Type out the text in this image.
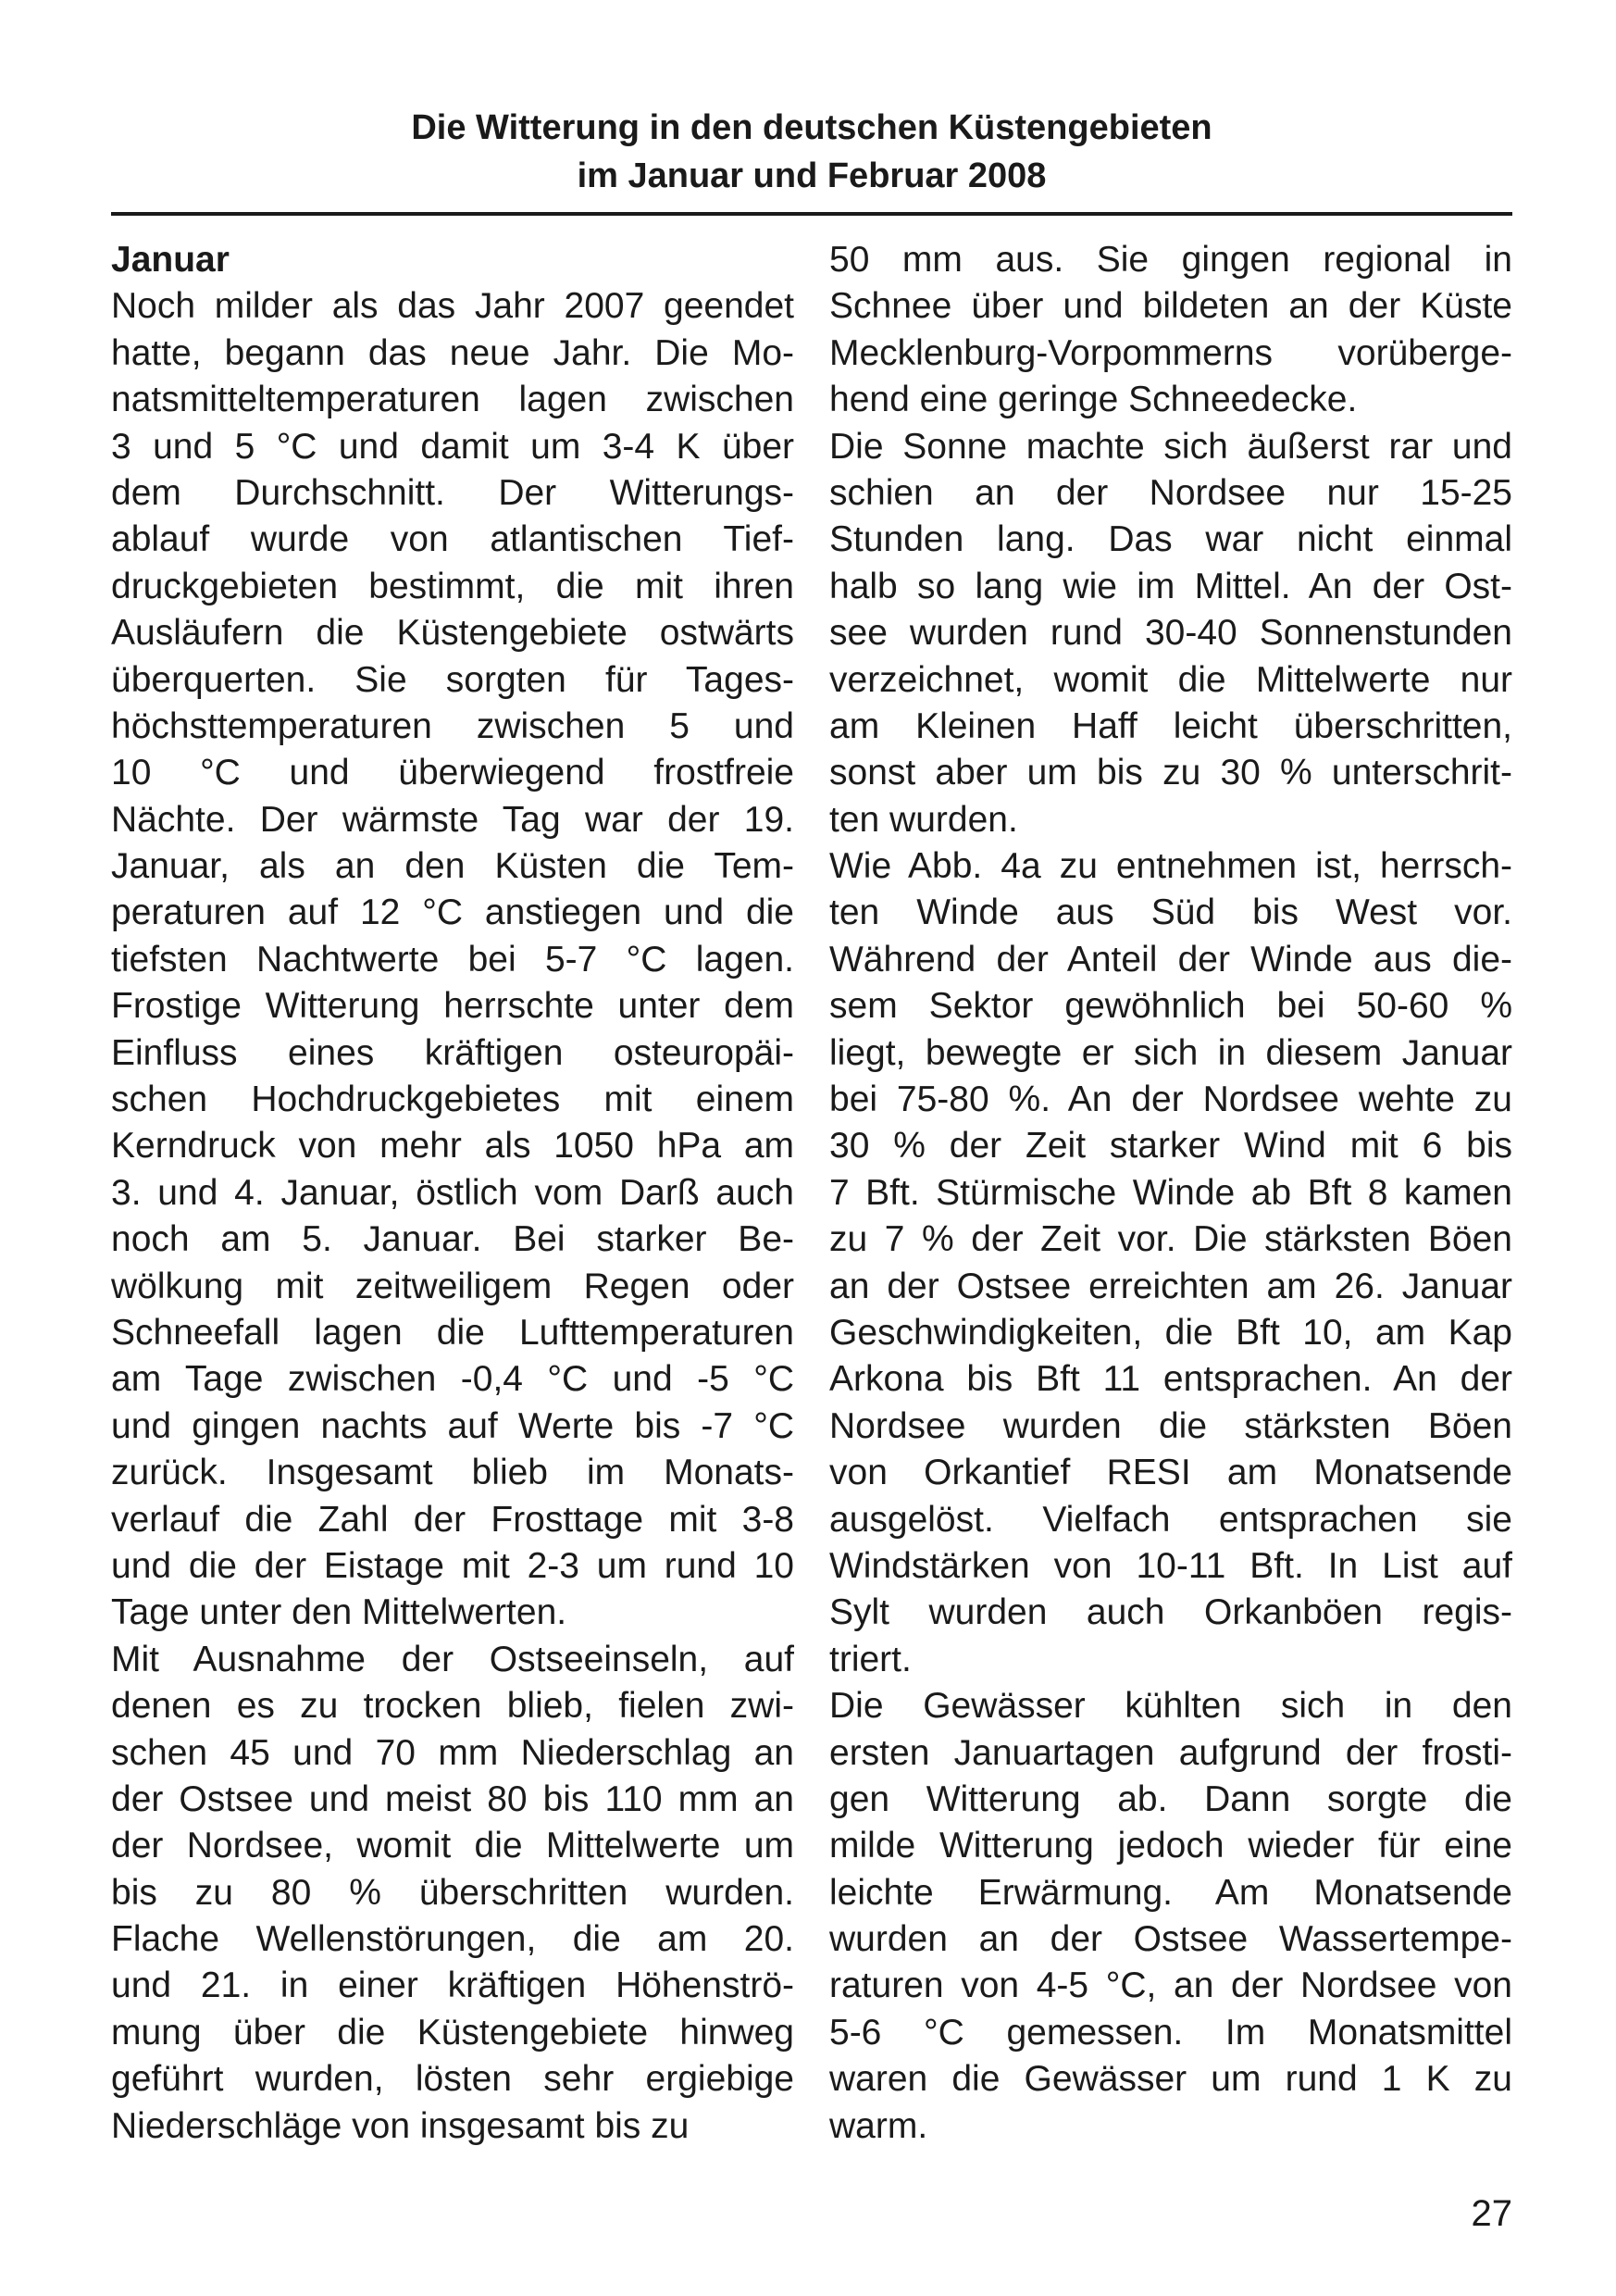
Die Witterung in den deutschen Küstengebieten
im Januar und Februar 2008
Januar
Noch milder als das Jahr 2007 geendet
hatte, begann das neue Jahr. Die Mo-
natsmitteltemperaturen lagen zwischen
3 und 5 °C und damit um 3-4 K über
dem Durchschnitt. Der Witterungs-
ablauf wurde von atlantischen Tief-
druckgebieten bestimmt, die mit ihren
Ausläufern die Küstengebiete ostwärts
überquerten. Sie sorgten für Tages-
höchsttemperaturen zwischen 5 und
10 °C und überwiegend frostfreie
Nächte. Der wärmste Tag war der 19.
Januar, als an den Küsten die Tem-
peraturen auf 12 °C anstiegen und die
tiefsten Nachtwerte bei 5-7 °C lagen.
Frostige Witterung herrschte unter dem
Einfluss eines kräftigen osteuropäi-
schen Hochdruckgebietes mit einem
Kerndruck von mehr als 1050 hPa am
3. und 4. Januar, östlich vom Darß auch
noch am 5. Januar. Bei starker Be-
wölkung mit zeitweiligem Regen oder
Schneefall lagen die Lufttemperaturen
am Tage zwischen -0,4 °C und -5 °C
und gingen nachts auf Werte bis -7 °C
zurück. Insgesamt blieb im Monats-
verlauf die Zahl der Frosttage mit 3-8
und die der Eistage mit 2-3 um rund 10
Tage unter den Mittelwerten.
Mit Ausnahme der Ostseeinseln, auf
denen es zu trocken blieb, fielen zwi-
schen 45 und 70 mm Niederschlag an
der Ostsee und meist 80 bis 110 mm an
der Nordsee, womit die Mittelwerte um
bis zu 80 % überschritten wurden.
Flache Wellenstörungen, die am 20.
und 21. in einer kräftigen Höhenströ-
mung über die Küstengebiete hinweg
geführt wurden, lösten sehr ergiebige
Niederschläge von insgesamt bis zu
50 mm aus. Sie gingen regional in
Schnee über und bildeten an der Küste
Mecklenburg-Vorpommerns vorüberge-
hend eine geringe Schneedecke.
Die Sonne machte sich äußerst rar und
schien an der Nordsee nur 15-25
Stunden lang. Das war nicht einmal
halb so lang wie im Mittel. An der Ost-
see wurden rund 30-40 Sonnenstunden
verzeichnet, womit die Mittelwerte nur
am Kleinen Haff leicht überschritten,
sonst aber um bis zu 30 % unterschrit-
ten wurden.
Wie Abb. 4a zu entnehmen ist, herrsch-
ten Winde aus Süd bis West vor.
Während der Anteil der Winde aus die-
sem Sektor gewöhnlich bei 50-60 %
liegt, bewegte er sich in diesem Januar
bei 75-80 %. An der Nordsee wehte zu
30 % der Zeit starker Wind mit 6 bis
7 Bft. Stürmische Winde ab Bft 8 kamen
zu 7 % der Zeit vor. Die stärksten Böen
an der Ostsee erreichten am 26. Januar
Geschwindigkeiten, die Bft 10, am Kap
Arkona bis Bft 11 entsprachen. An der
Nordsee wurden die stärksten Böen
von Orkantief RESI am Monatsende
ausgelöst. Vielfach entsprachen sie
Windstärken von 10-11 Bft. In List auf
Sylt wurden auch Orkanböen regis-
triert.
Die Gewässer kühlten sich in den
ersten Januartagen aufgrund der frosti-
gen Witterung ab. Dann sorgte die
milde Witterung jedoch wieder für eine
leichte Erwärmung. Am Monatsende
wurden an der Ostsee Wassertempe-
raturen von 4-5 °C, an der Nordsee von
5-6 °C gemessen. Im Monatsmittel
waren die Gewässer um rund 1 K zu
warm.
27
